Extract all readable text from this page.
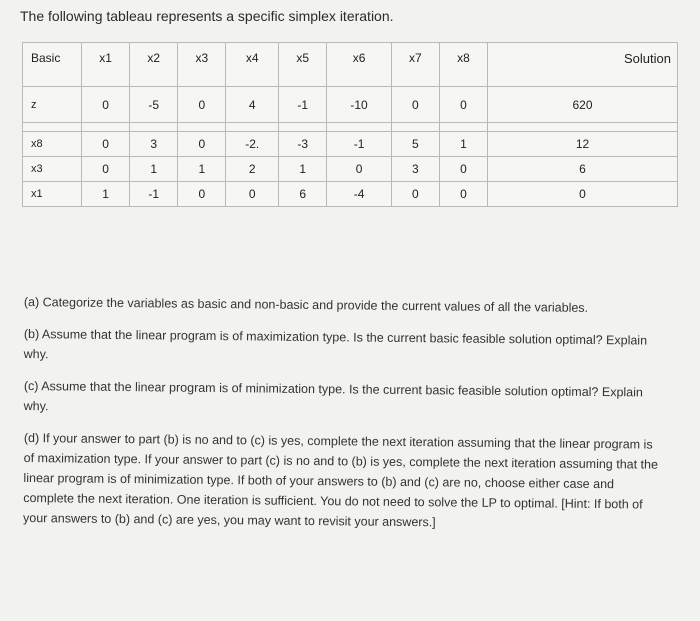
The following tableau represents a specific simplex iteration.
Basic	x1	x2	x3	x4	x5	x6	x7	x8	Solution
z	0	-5	0	4	-1	-10	0	0	620

x8	0	3	0	-2.	-3	-1	5	1	12
x3	0	1	1	2	1	0	3	0	6
x1	1	-1	0	0	6	-4	0	0	0

(a) Categorize the variables as basic and non-basic and provide the current values of all the variables.

(b) Assume that the linear program is of maximization type. Is the current basic feasible solution optimal? Explain why.

(c) Assume that the linear program is of minimization type. Is the current basic feasible solution optimal? Explain why.

(d) If your answer to part (b) is no and to (c) is yes, complete the next iteration assuming that the linear program is of maximization type. If your answer to part (c) is no and to (b) is yes, complete the next iteration assuming that the linear program is of minimization type. If both of your answers to (b) and (c) are no, choose either case and complete the next iteration. One iteration is sufficient. You do not need to solve the LP to optimal. [Hint: If both of your answers to (b) and (c) are yes, you may want to revisit your answers.]
